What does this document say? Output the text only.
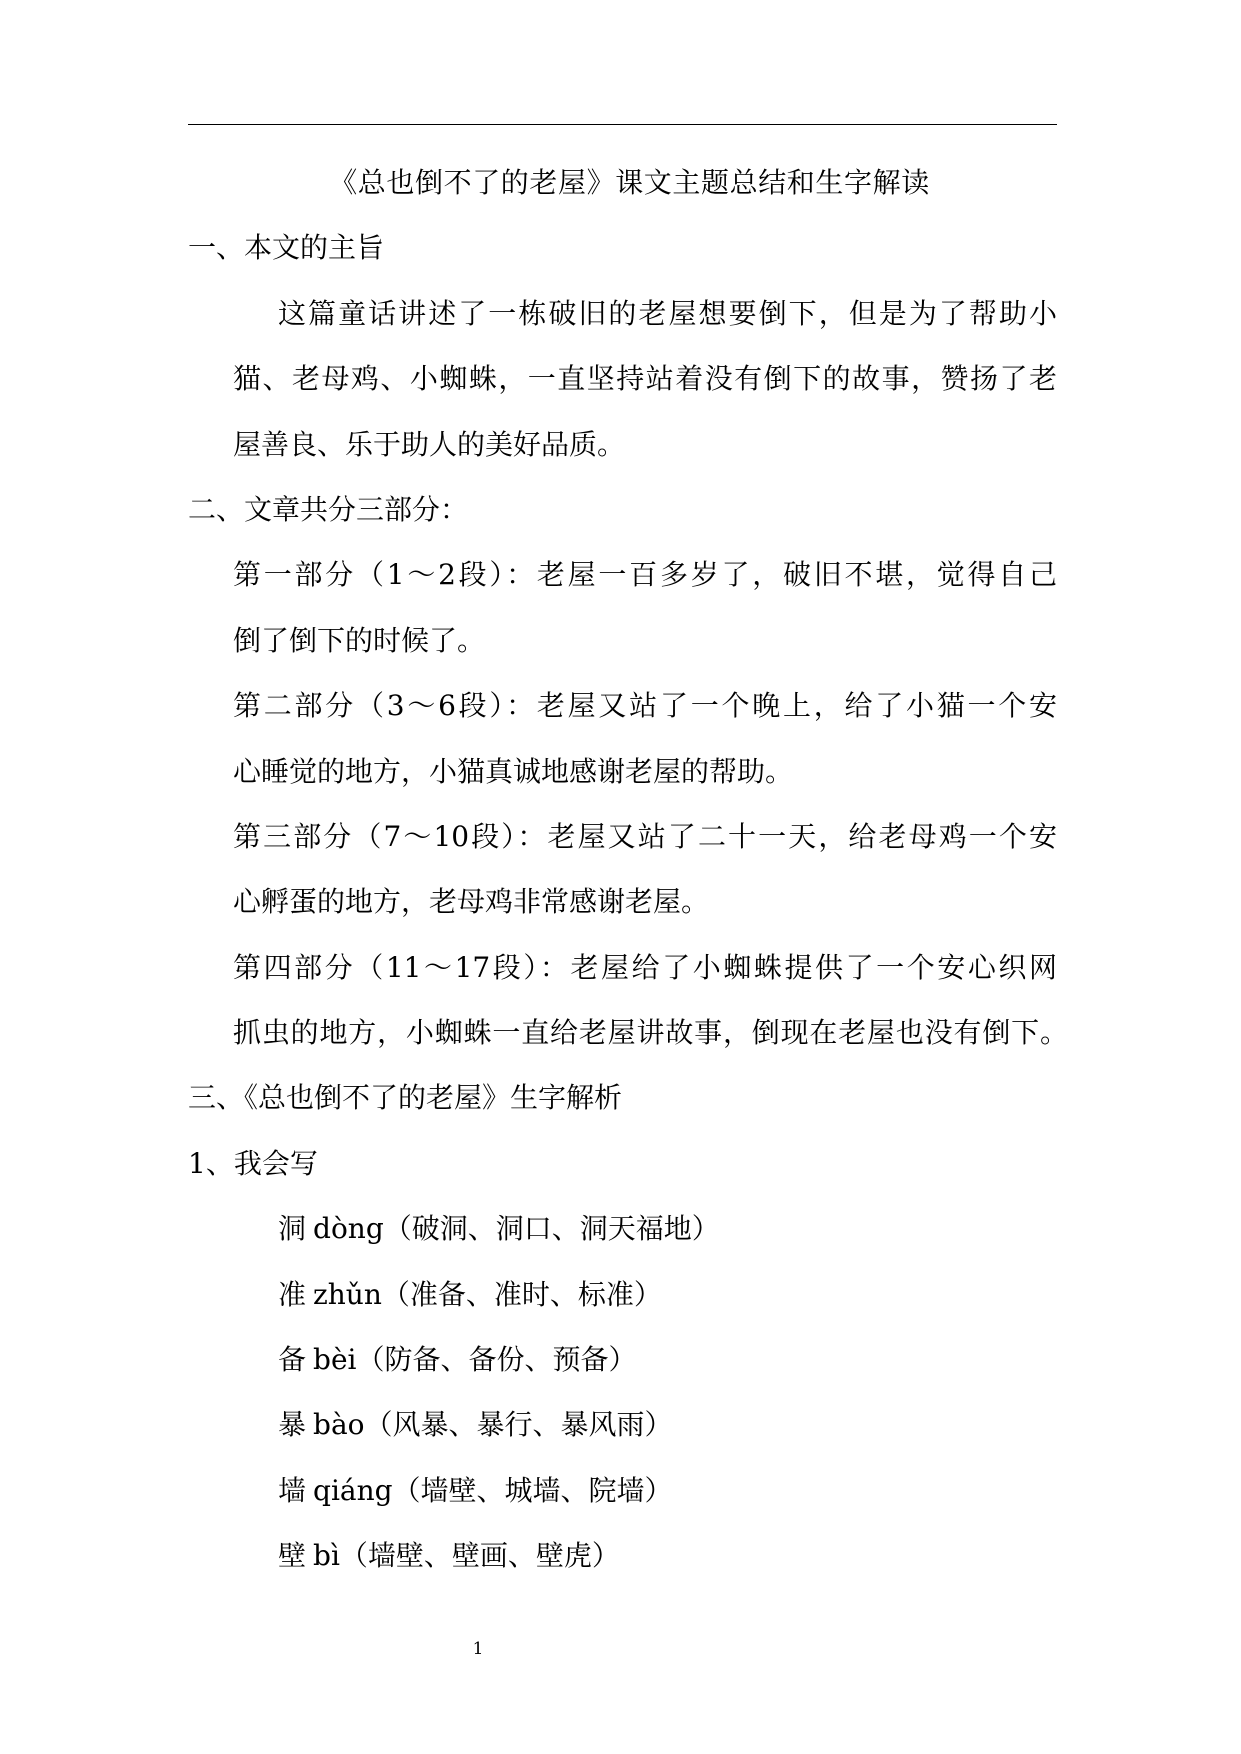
《总也倒不了的老屋》课文主题总结和生字解读
一、本文的主旨
这篇童话讲述了一栋破旧的老屋想要倒下，但是为了帮助小
猫、老母鸡、小蜘蛛，一直坚持站着没有倒下的故事，赞扬了老
屋善良、乐于助人的美好品质。
二、文章共分三部分：
第一部分（1～2段）：老屋一百多岁了，破旧不堪，觉得自己
倒了倒下的时候了。
第二部分（3～6段）：老屋又站了一个晚上，给了小猫一个安
心睡觉的地方，小猫真诚地感谢老屋的帮助。
第三部分（7～10段）：老屋又站了二十一天，给老母鸡一个安
心孵蛋的地方，老母鸡非常感谢老屋。
第四部分（11～17段）：老屋给了小蜘蛛提供了一个安心织网
抓虫的地方，小蜘蛛一直给老屋讲故事，倒现在老屋也没有倒下。
三、《总也倒不了的老屋》生字解析
1、我会写
洞 dòng（破洞、洞口、洞天福地）
准 zhǔn（准备、准时、标准）
备 bèi（防备、备份、预备）
暴 bào（风暴、暴行、暴风雨）
墙 qiáng（墙壁、城墙、院墙）
壁 bì（墙壁、壁画、壁虎）
1
